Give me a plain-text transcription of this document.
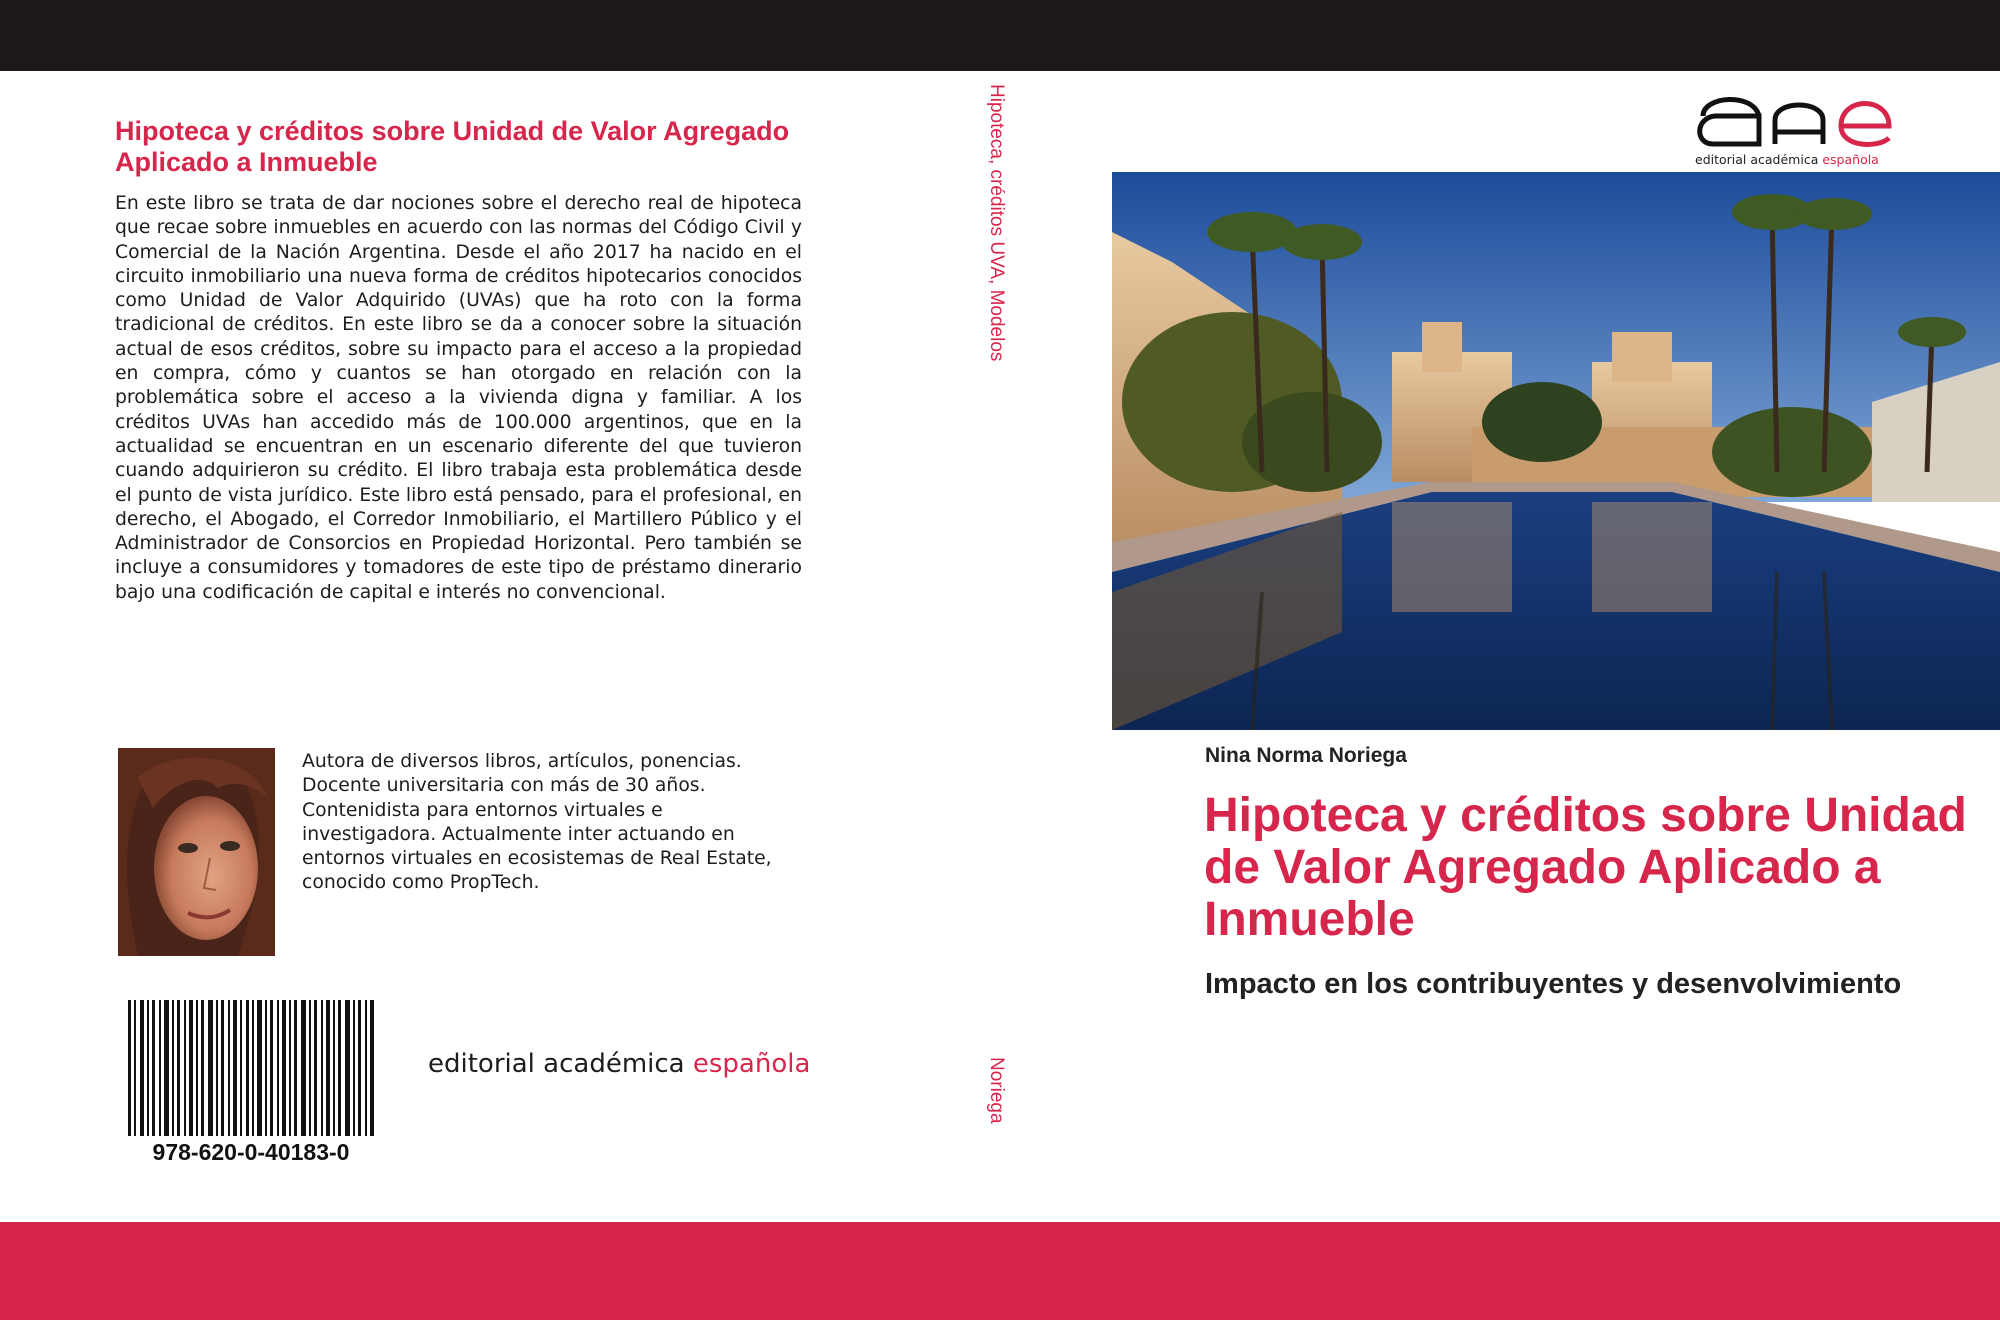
Hipoteca y créditos sobre Unidad de Valor Agregado Aplicado a Inmueble

En este libro se trata de dar nociones sobre el derecho real de hipoteca que recae sobre inmuebles en acuerdo con las normas del Código Civil y Comercial de la Nación Argentina. Desde el año 2017 ha nacido en el circuito inmobiliario una nueva forma de créditos hipotecarios conocidos como Unidad de Valor Adquirido (UVAs) que ha roto con la forma tradicional de créditos. En este libro se da a conocer sobre la situación actual de esos créditos, sobre su impacto para el acceso a la propiedad en compra, cómo y cuantos se han otorgado en relación con la problemática sobre el acceso a la vivienda digna y familiar. A los créditos UVAs han accedido más de 100.000 argentinos, que en la actualidad se encuentran en un escenario diferente del que tuvieron cuando adquirieron su crédito. El libro trabaja esta problemática desde el punto de vista jurídico. Este libro está pensado, para el profesional, en derecho, el Abogado, el Corredor Inmobiliario, el Martillero Público y el Administrador de Consorcios en Propiedad Horizontal. Pero también se incluye a consumidores y tomadores de este tipo de préstamo dinerario bajo una codificación de capital e interés no convencional.

Autora de diversos libros, artículos, ponencias. Docente universitaria con más de 30 años. Contenidista para entornos virtuales e investigadora. Actualmente inter actuando en entornos virtuales en ecosistemas de Real Estate, conocido como PropTech.

978-620-0-40183-0
editorial académica española
Hipoteca, créditos UVA, Modelos
Noriega
editorial académica española
Nina Norma Noriega
Hipoteca y créditos sobre Unidad de Valor Agregado Aplicado a Inmueble
Impacto en los contribuyentes y desenvolvimiento
